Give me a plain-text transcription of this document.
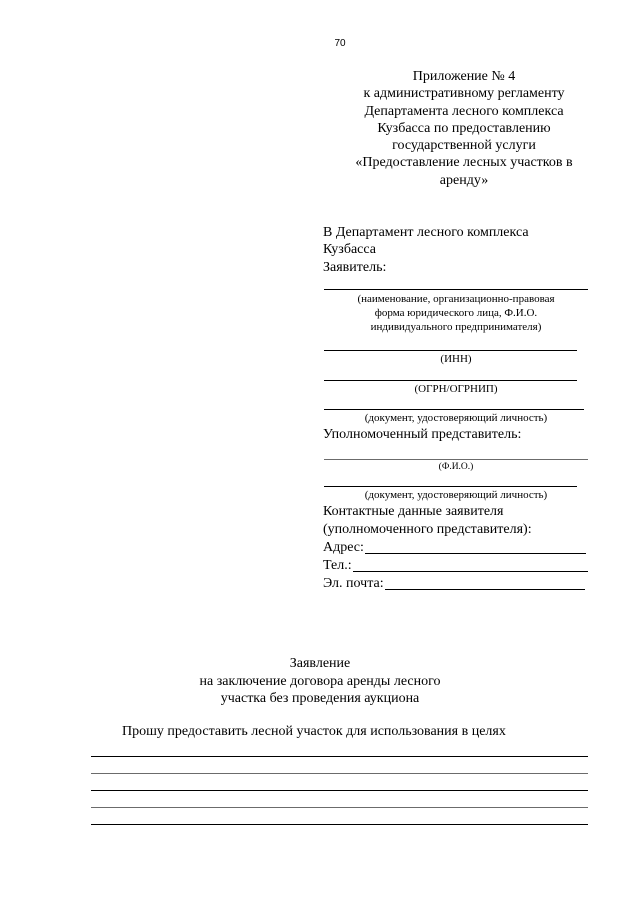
70
Приложение № 4
к административному регламенту
Департамента лесного комплекса
Кузбасса по предоставлению
государственной услуги
«Предоставление лесных участков в
аренду»
В Департамент лесного комплекса
Кузбасса
Заявитель:
(наименование, организационно-правовая
форма юридического лица, Ф.И.О.
индивидуального предпринимателя)
(ИНН)
(ОГРН/ОГРНИП)
(документ, удостоверяющий личность)
Уполномоченный представитель:
(Ф.И.О.)
(документ, удостоверяющий личность)
Контактные данные заявителя
(уполномоченного представителя):
Адрес:
Тел.:
Эл. почта:
Заявление
на заключение договора аренды лесного
участка без проведения аукциона
Прошу предоставить лесной участок для использования в целях
